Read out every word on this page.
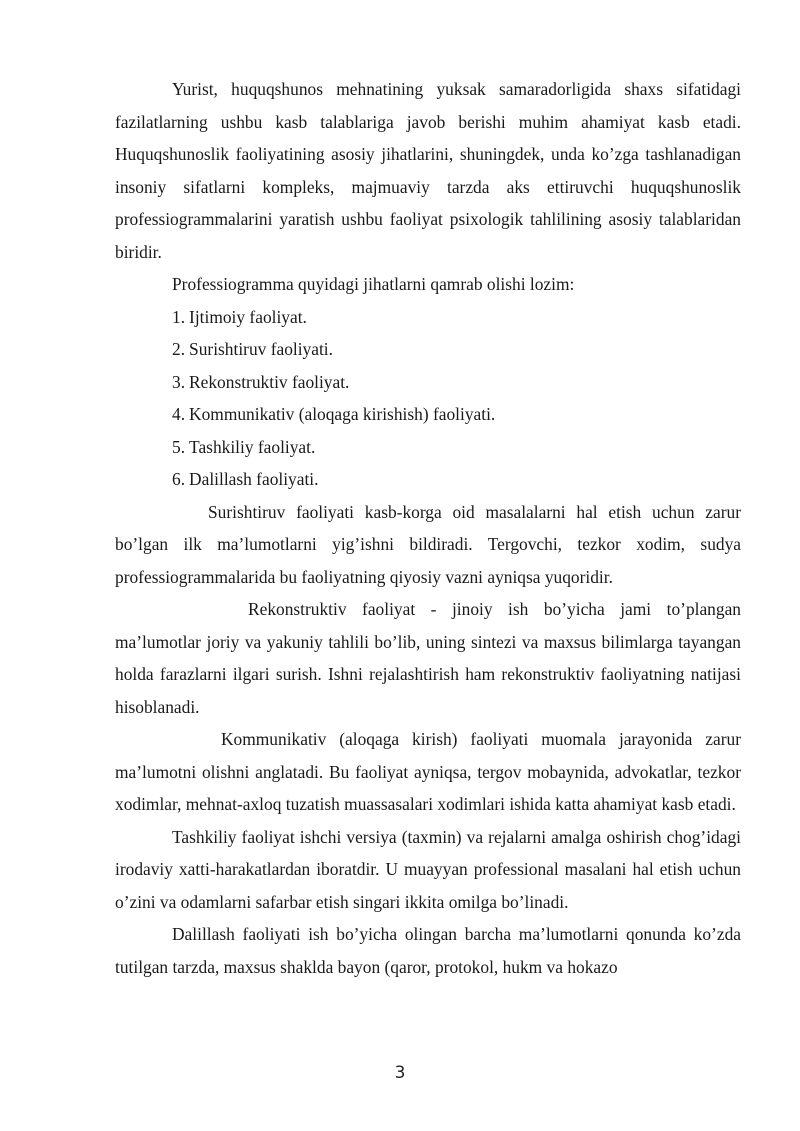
Yurist, huquqshunos mehnatining yuksak samaradorligida shaxs sifatidagi fazilatlarning ushbu kasb talablariga javob berishi muhim ahamiyat kasb etadi. Huquqshunoslik faoliyatining asosiy jihatlarini, shuningdek, unda ko’zga tashlanadigan insoniy sifatlarni kompleks, majmuaviy tarzda aks ettiruvchi huquqshunoslik professiogrammalarini yaratish ushbu faoliyat psixologik tahlilining asosiy talablaridan biridir.

Professiogramma quyidagi jihatlarni qamrab olishi lozim:

1. Ijtimoiy faoliyat.
2. Surishtiruv faoliyati.
3. Rekonstruktiv faoliyat.
4. Kommunikativ (aloqaga kirishish) faoliyati.
5. Tashkiliy faoliyat.
6. Dalillash faoliyati.

Surishtiruv faoliyati kasb-korga oid masalalarni hal etish uchun zarur bo’lgan ilk ma’lumotlarni yig’ishni bildiradi. Tergovchi, tezkor xodim, sudya professiogrammalarida bu faoliyatning qiyosiy vazni ayniqsa yuqoridir.

Rekonstruktiv faoliyat - jinoiy ish bo’yicha jami to’plangan ma’lumotlar joriy va yakuniy tahlili bo’lib, uning sintezi va maxsus bilimlarga tayangan holda farazlarni ilgari surish. Ishni rejalashtirish ham rekonstruktiv faoliyatning natijasi hisoblanadi.

Kommunikativ (aloqaga kirish) faoliyati muomala jarayonida zarur ma’lumotni olishni anglatadi. Bu faoliyat ayniqsa, tergov mobaynida, advokatlar, tezkor xodimlar, mehnat-axloq tuzatish muassasalari xodimlari ishida katta ahamiyat kasb etadi.

Tashkiliy faoliyat ishchi versiya (taxmin) va rejalarni amalga oshirish chog’idagi irodaviy xatti-harakatlardan iboratdir. U muayyan professional masalani hal etish uchun o’zini va odamlarni safarbar etish singari ikkita omilga bo’linadi.

Dalillash faoliyati ish bo’yicha olingan barcha ma’lumotlarni qonunda ko’zda tutilgan tarzda, maxsus shaklda bayon (qaror, protokol, hukm va hokazo

3
